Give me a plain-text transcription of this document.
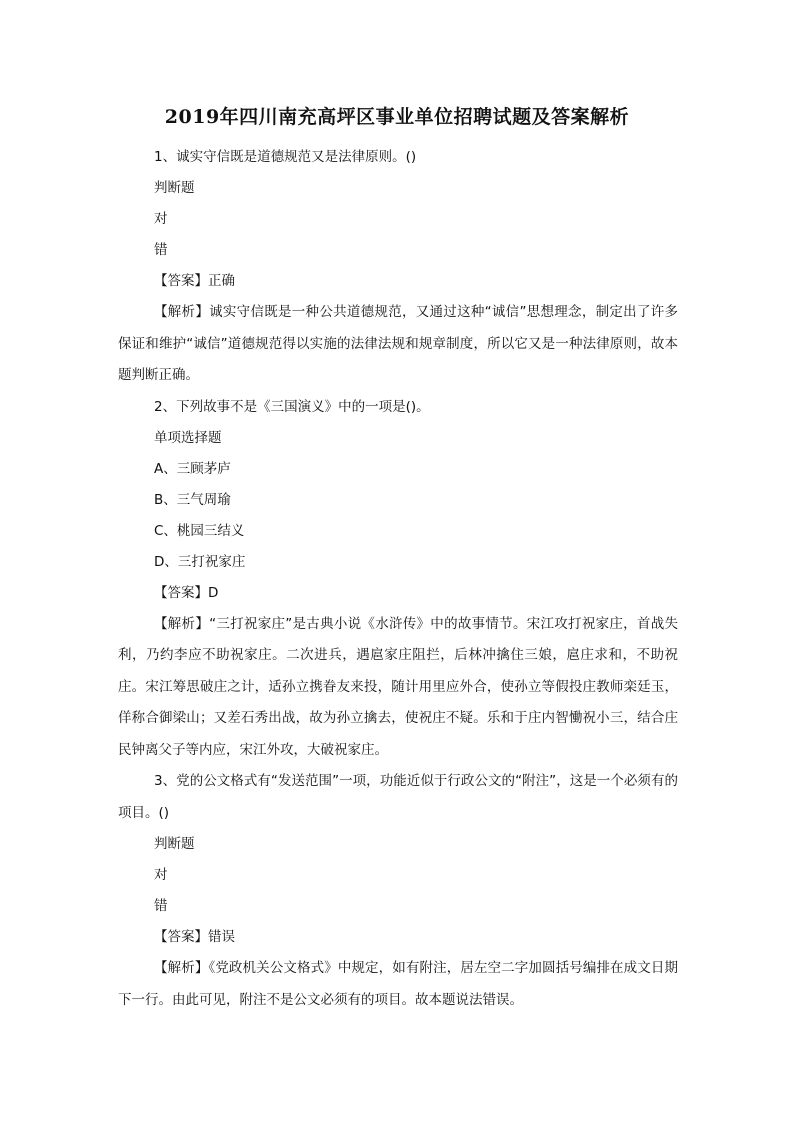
2019年四川南充高坪区事业单位招聘试题及答案解析
1、诚实守信既是道德规范又是法律原则。()
判断题
对
错
【答案】正确
【解析】诚实守信既是一种公共道德规范，又通过这种“诚信”思想理念，制定出了许多保证和维护“诚信”道德规范得以实施的法律法规和规章制度，所以它又是一种法律原则，故本题判断正确。
2、下列故事不是《三国演义》中的一项是()。
单项选择题
A、三顾茅庐
B、三气周瑜
C、桃园三结义
D、三打祝家庄
【答案】D
【解析】“三打祝家庄”是古典小说《水浒传》中的故事情节。宋江攻打祝家庄，首战失利，乃约李应不助祝家庄。二次进兵，遇扈家庄阻拦，后林冲擒住三娘，扈庄求和，不助祝庄。宋江筹思破庄之计，适孙立携眷友来投，随计用里应外合，使孙立等假投庄教师栾廷玉，佯称合御梁山；又差石秀出战，故为孙立擒去，使祝庄不疑。乐和于庄内智慟祝小三，结合庄民钟离父子等内应，宋江外攻，大破祝家庄。
3、党的公文格式有“发送范围”一项，功能近似于行政公文的“附注”，这是一个必须有的项目。()
判断题
对
错
【答案】错误
【解析】《党政机关公文格式》中规定，如有附注，居左空二字加圆括号编排在成文日期下一行。由此可见，附注不是公文必须有的项目。故本题说法错误。
